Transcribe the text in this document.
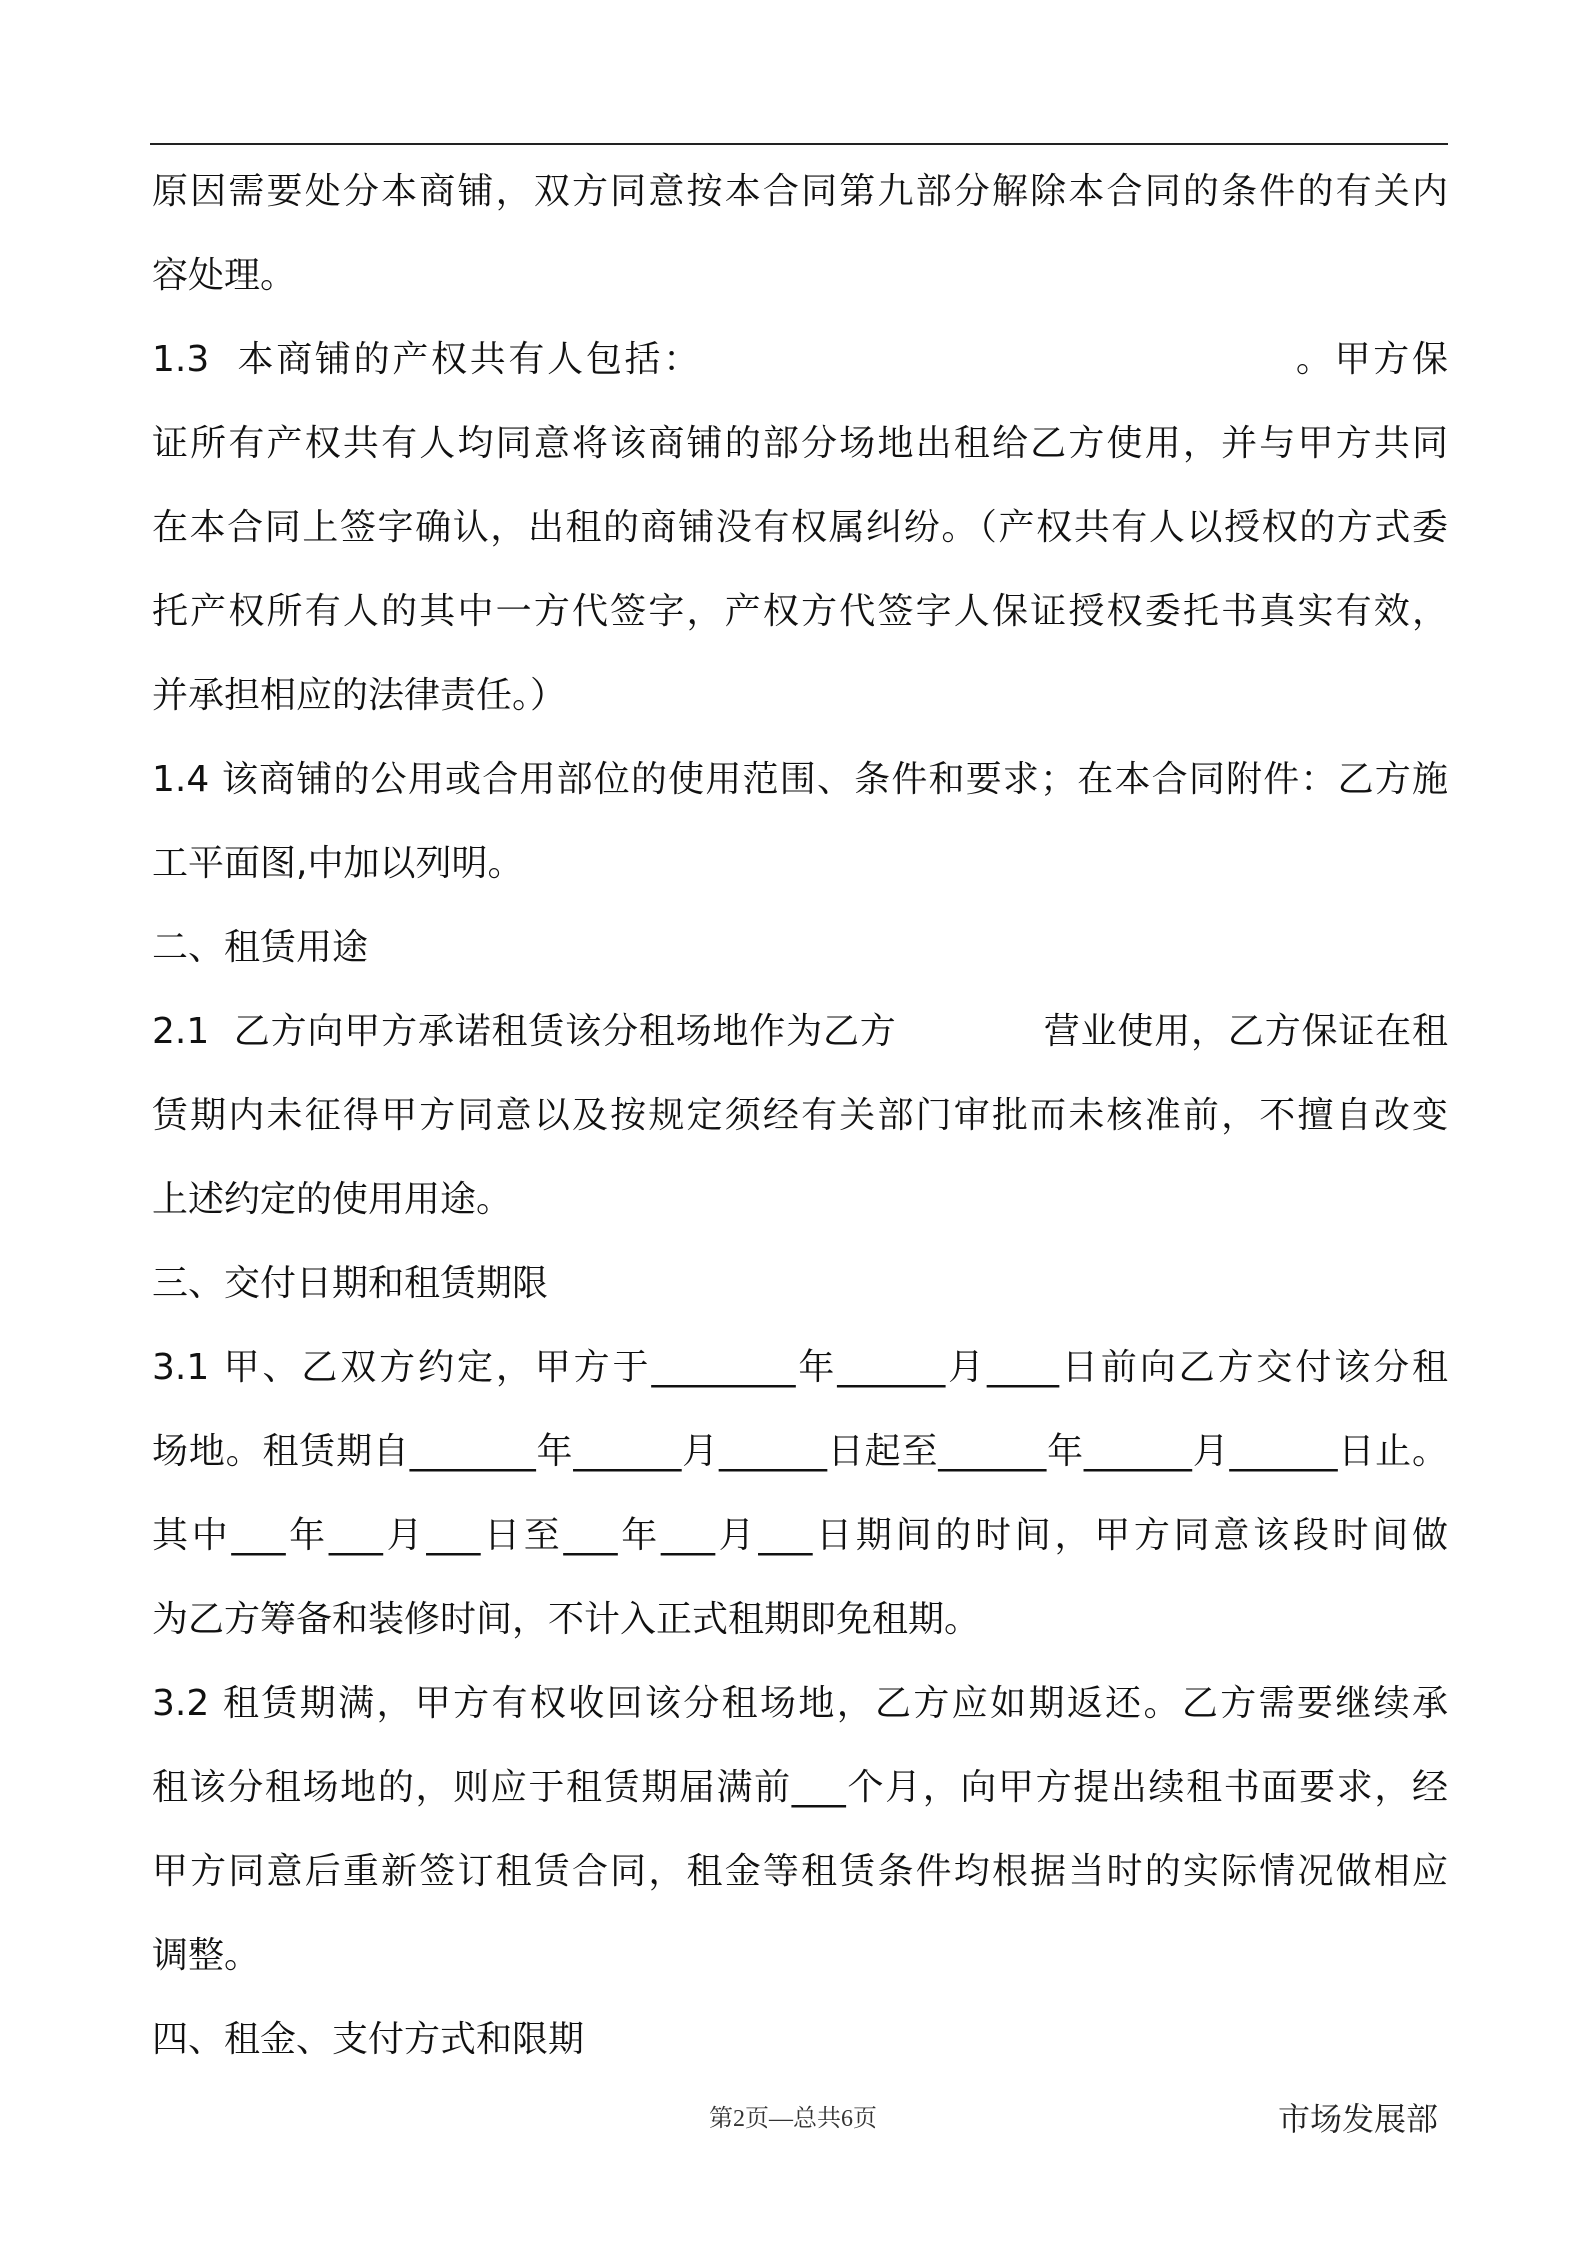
原因需要处分本商铺，双方同意按本合同第九部分解除本合同的条件的有关内
容处理。
1.3  本商铺的产权共有人包括：                                          。甲方保
证所有产权共有人均同意将该商铺的部分场地出租给乙方使用，并与甲方共同
在本合同上签字确认，出租的商铺没有权属纠纷。（产权共有人以授权的方式委
托产权所有人的其中一方代签字，产权方代签字人保证授权委托书真实有效，
并承担相应的法律责任。）
1.4 该商铺的公用或合用部位的使用范围、条件和要求；在本合同附件：乙方施
工平面图,中加以列明。
二、租赁用途
2.1  乙方向甲方承诺租赁该分租场地作为乙方            营业使用，乙方保证在租
赁期内未征得甲方同意以及按规定须经有关部门审批而未核准前，不擅自改变
上述约定的使用用途。
三、交付日期和租赁期限
3.1 甲、乙双方约定，甲方于________年______月____日前向乙方交付该分租
场地。租赁期自_______年______月______日起至______年______月______日止。
其中___年___月___日至___年___月___日期间的时间，甲方同意该段时间做
为乙方筹备和装修时间，不计入正式租期即免租期。
3.2 租赁期满，甲方有权收回该分租场地，乙方应如期返还。乙方需要继续承
租该分租场地的，则应于租赁期届满前___个月，向甲方提出续租书面要求，经
甲方同意后重新签订租赁合同，租金等租赁条件均根据当时的实际情况做相应
调整。
四、租金、支付方式和限期
第2页—总共6页	市场发展部
